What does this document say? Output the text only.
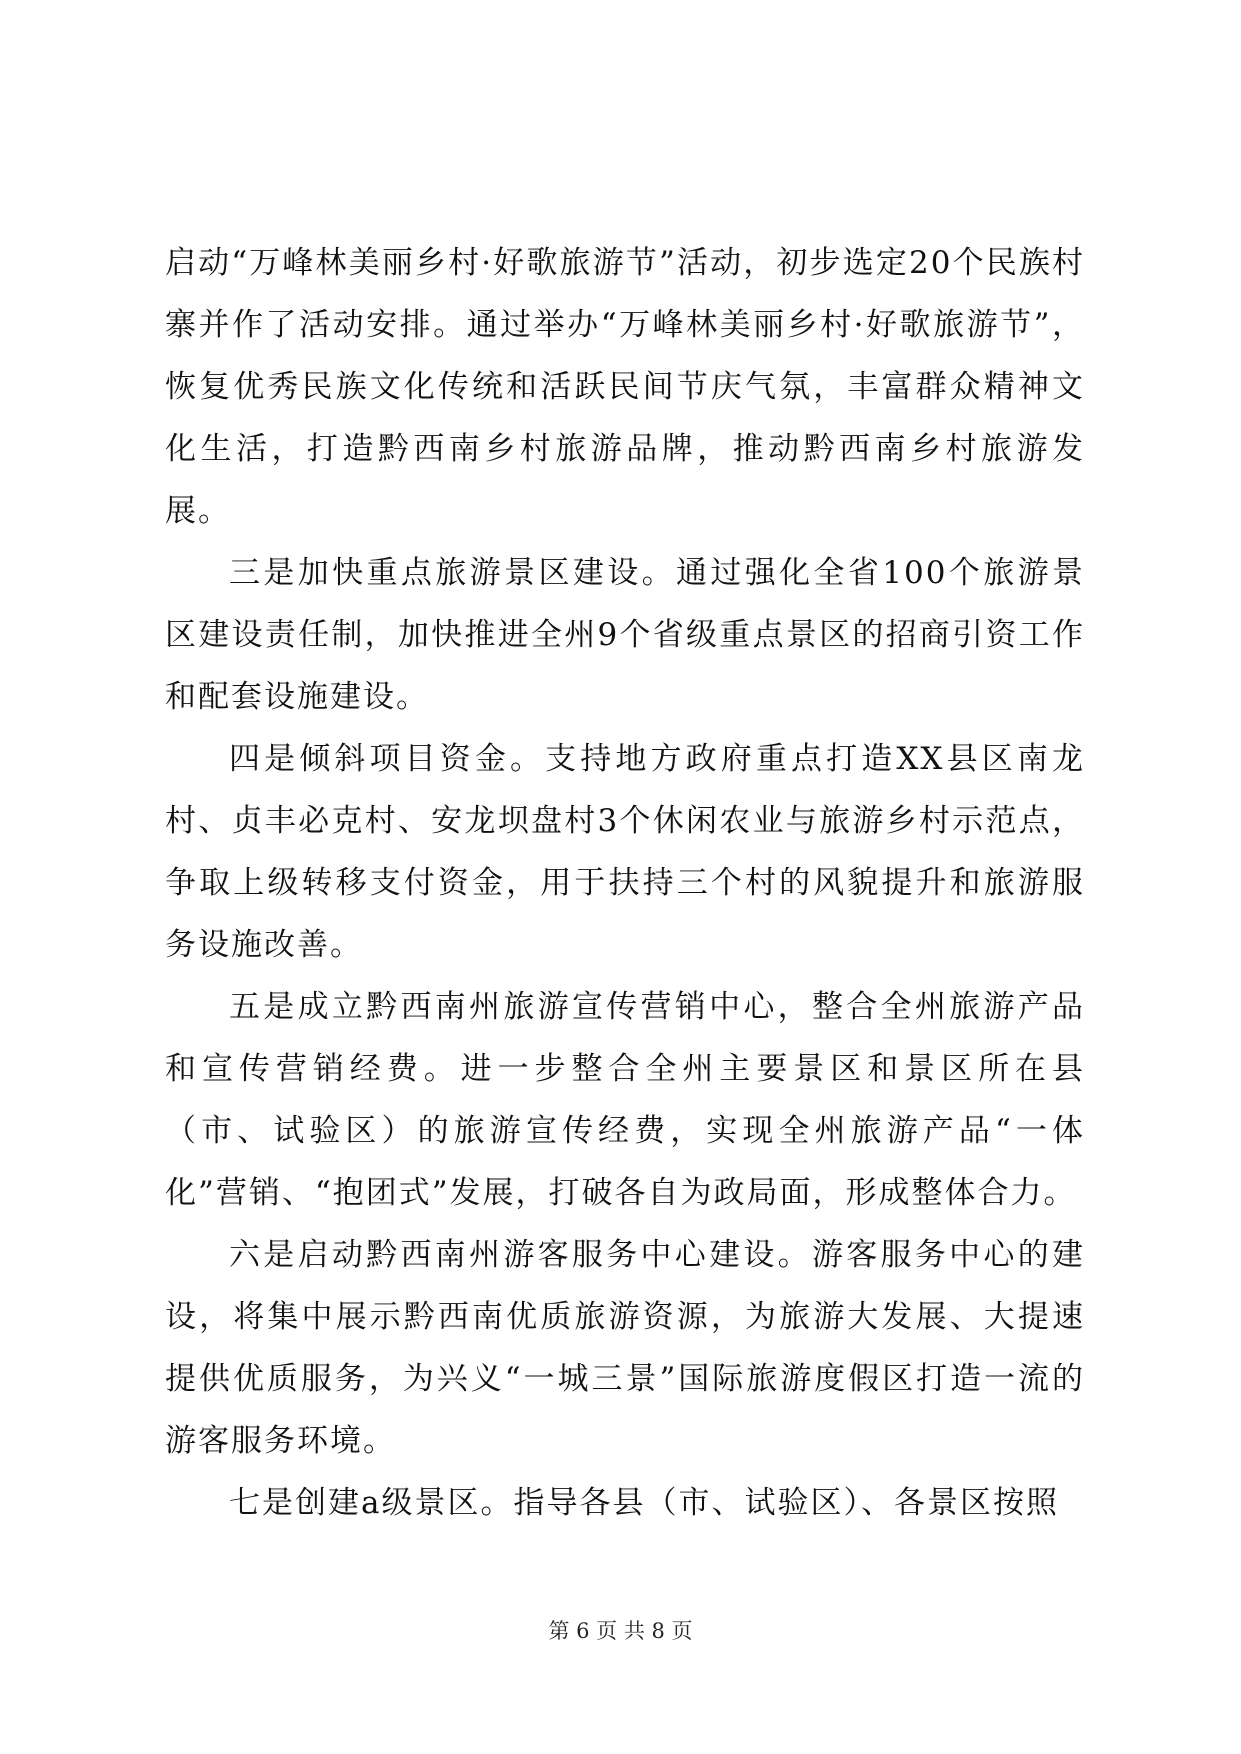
启动“万峰林美丽乡村·好歌旅游节”活动，初步选定20个民族村寨并作了活动安排。通过举办“万峰林美丽乡村·好歌旅游节”，恢复优秀民族文化传统和活跃民间节庆气氛，丰富群众精神文化生活，打造黔西南乡村旅游品牌，推动黔西南乡村旅游发展。

三是加快重点旅游景区建设。通过强化全省100个旅游景区建设责任制，加快推进全州9个省级重点景区的招商引资工作和配套设施建设。

四是倾斜项目资金。支持地方政府重点打造XX县区南龙村、贞丰必克村、安龙坝盘村3个休闲农业与旅游乡村示范点，争取上级转移支付资金，用于扶持三个村的风貌提升和旅游服务设施改善。

五是成立黔西南州旅游宣传营销中心，整合全州旅游产品和宣传营销经费。进一步整合全州主要景区和景区所在县（市、试验区）的旅游宣传经费，实现全州旅游产品“一体化”营销、“抱团式”发展，打破各自为政局面，形成整体合力。

六是启动黔西南州游客服务中心建设。游客服务中心的建设，将集中展示黔西南优质旅游资源，为旅游大发展、大提速提供优质服务，为兴义“一城三景”国际旅游度假区打造一流的游客服务环境。

七是创建a级景区。指导各县（市、试验区）、各景区按照

第 6 页 共 8 页
